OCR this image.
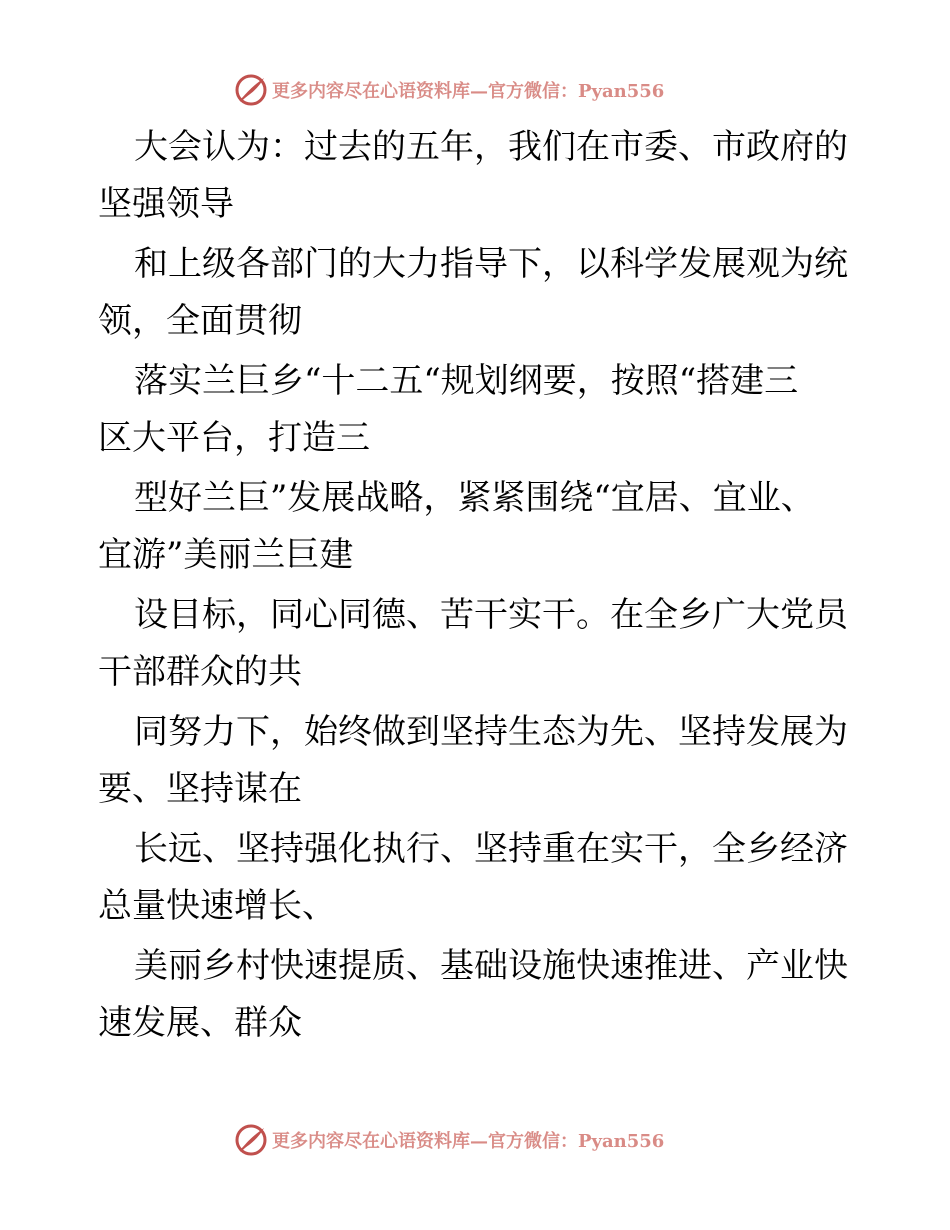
更多内容尽在心语资料库—官方微信：Pyan556
大会认为：过去的五年，我们在市委、市政府的
坚强领导
和上级各部门的大力指导下，以科学发展观为统
领，全面贯彻
落实兰巨乡“十二五“规划纲要，按照“搭建三
区大平台，打造三
型好兰巨”发展战略，紧紧围绕“宜居、宜业、
宜游”美丽兰巨建
设目标，同心同德、苦干实干。在全乡广大党员
干部群众的共
同努力下，始终做到坚持生态为先、坚持发展为
要、坚持谋在
长远、坚持强化执行、坚持重在实干，全乡经济
总量快速增长、
美丽乡村快速提质、基础设施快速推进、产业快
速发展、群众
更多内容尽在心语资料库—官方微信：Pyan556
